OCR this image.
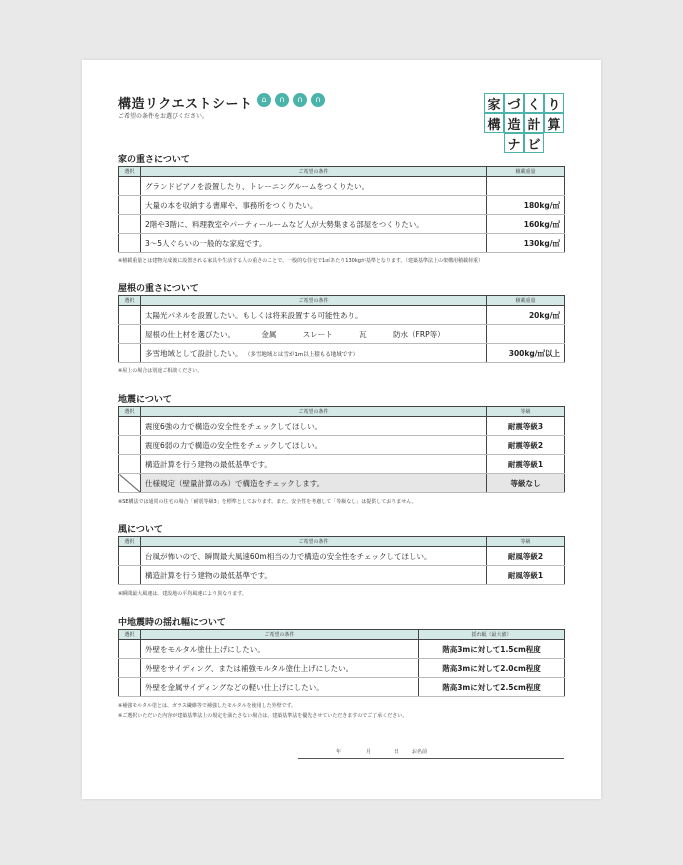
構造リクエストシート
ご希望の条件をお選びください。
⌂	∩	∩	∩	家 づ く り
構 造 計 算
ナ ビ
家の重さについて
選択	ご希望の条件	積載重量
	グランドピアノを設置したり、トレーニングルームをつくりたい。	
	大量の本を収納する書庫や、事務所をつくりたい。	180kg/㎡
	2階や3階に、料理教室やパーティールームなど人が大勢集まる部屋をつくりたい。	160kg/㎡
	3〜5人ぐらいの一般的な家庭です。	130kg/㎡
※積載重量とは建物完成後に設置される家具や生活する人の重さのことで、一般的な住宅で1㎡あたり130kgが基準となります。（建築基準法上の架構用積載荷重）
屋根の重さについて
選択	ご希望の条件	積載重量
	太陽光パネルを設置したい。もしくは将来設置する可能性あり。	20kg/㎡
	屋根の仕上材を選びたい。 金属 スレート 瓦 防水（FRP等）	
	多雪地域として設計したい。 （多雪地域とは雪が1m以上積もる地域です）	300kg/㎡以上
※屋上の場合は別途ご相談ください。
地震について
選択	ご希望の条件	等級
	震度6強の力で構造の安全性をチェックしてほしい。	耐震等級3
	震度6弱の力で構造の安全性をチェックしてほしい。	耐震等級2
	構造計算を行う建物の最低基準です。	耐震等級1
	仕様規定（壁量計算のみ）で構造をチェックします。	等級なし
※SE構法では通常の住宅の場合「耐震等級3」を標準としております。また、安全性を考慮して「等級なし」は提供しておりません。
風について
選択	ご希望の条件	等級
	台風が怖いので、瞬間最大風速60m相当の力で構造の安全性をチェックしてほしい。	耐風等級2
	構造計算を行う建物の最低基準です。	耐風等級1
※瞬間最大風速は、建設地の平均風速により異なります。
中地震時の揺れ幅について
選択	ご希望の条件	揺れ幅（最大値）
	外壁をモルタル塗仕上げにしたい。	階高3mに対して1.5cm程度
	外壁をサイディング、または補強モルタル塗仕上げにしたい。	階高3mに対して2.0cm程度
	外壁を金属サイディングなどの軽い仕上げにしたい。	階高3mに対して2.5cm程度
※補強モルタル塗とは、ガラス繊維等で補強したモルタルを使用した外壁です。
※ご選択いただいた内容が建築基準法上の規定を満たさない場合は、建築基準法を優先させていただきますのでご了承ください。
年	月	日	お名前
